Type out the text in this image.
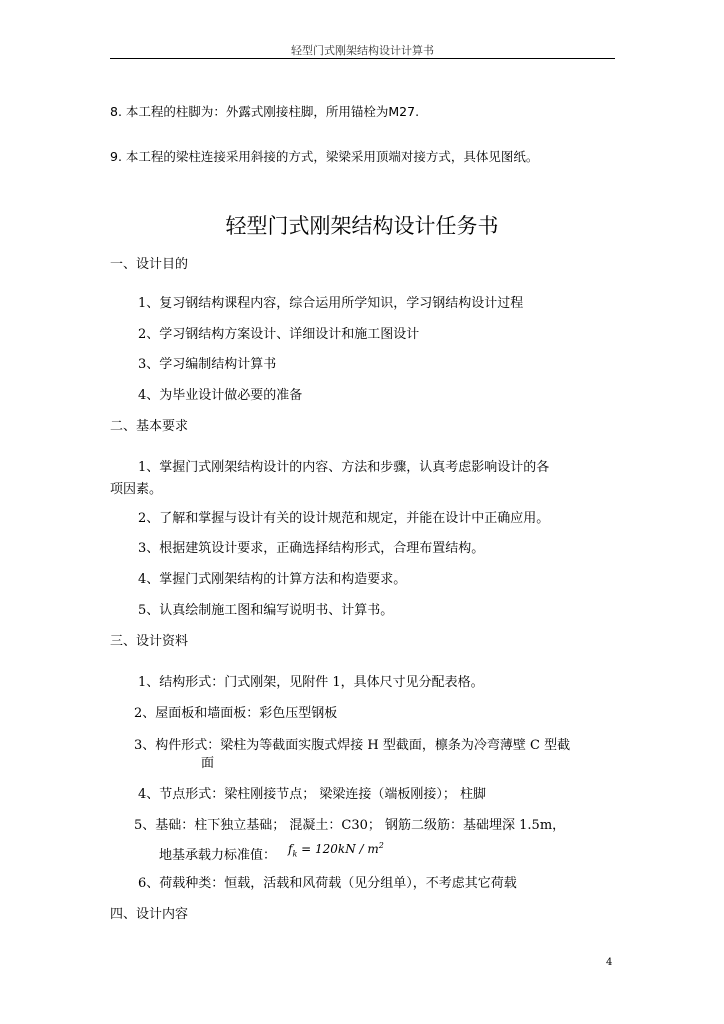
轻型门式刚架结构设计计算书
8. 本工程的柱脚为：外露式刚接柱脚，所用锚栓为M27.
9. 本工程的梁柱连接采用斜接的方式，梁梁采用顶端对接方式，具体见图纸。
轻型门式刚架结构设计任务书
一、设计目的
1、复习钢结构课程内容，综合运用所学知识，学习钢结构设计过程
2、学习钢结构方案设计、详细设计和施工图设计
3、学习编制结构计算书
4、为毕业设计做必要的准备
二、基本要求
1、掌握门式刚架结构设计的内容、方法和步骤，认真考虑影响设计的各
项因素。
2、了解和掌握与设计有关的设计规范和规定，并能在设计中正确应用。
3、根据建筑设计要求，正确选择结构形式，合理布置结构。
4、掌握门式刚架结构的计算方法和构造要求。
5、认真绘制施工图和编写说明书、计算书。
三、设计资料
1、结构形式：门式刚架，见附件 1，具体尺寸见分配表格。
2、屋面板和墙面板：彩色压型钢板
3、构件形式：梁柱为等截面实腹式焊接 H 型截面，檩条为冷弯薄壁 C 型截
面
4、节点形式：梁柱刚接节点； 梁梁连接（端板刚接）； 柱脚
5、基础：柱下独立基础； 混凝土：C30； 钢筋二级筋：基础埋深 1.5m，
地基承载力标准值： $f_k = 120kN / m^2$
6、荷载种类：恒载，活载和风荷载（见分组单），不考虑其它荷载
四、设计内容
4
